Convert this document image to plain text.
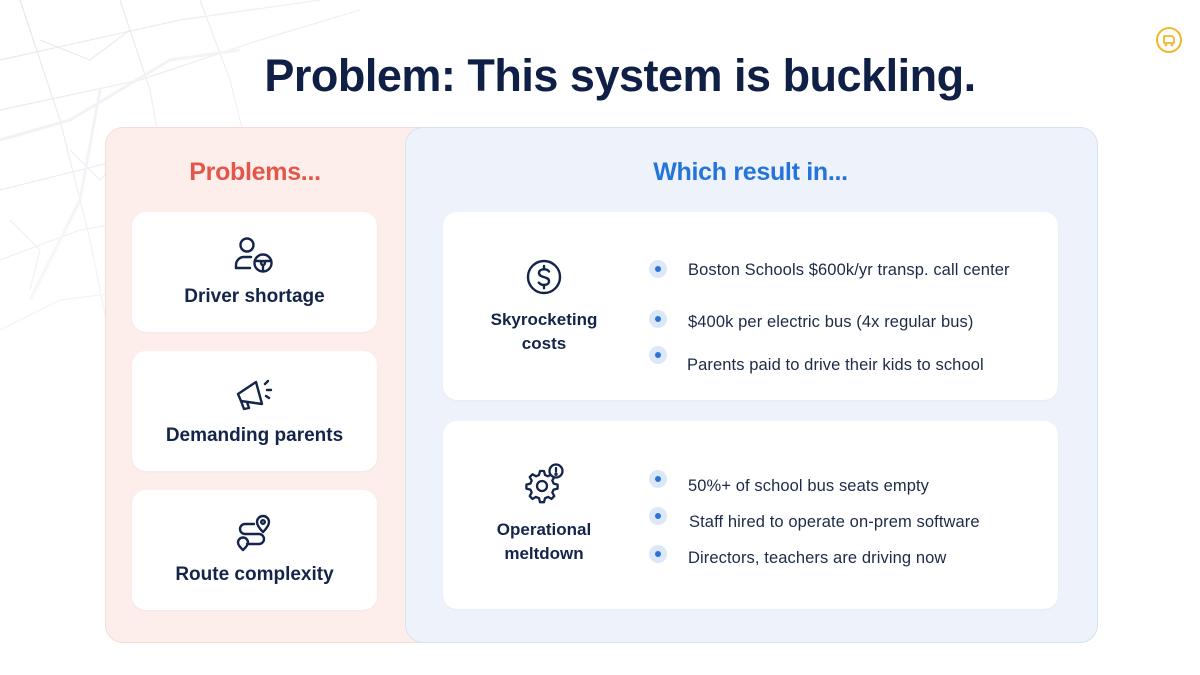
Problem: This system is buckling.
Problems...	Which result in...
Driver shortage
Demanding parents
Route complexity
Skyrocketing
costs
Boston Schools $600k/yr transp. call center
$400k per electric bus (4x regular bus)
Parents paid to drive their kids to school
Operational
meltdown
50%+ of school bus seats empty
Staff hired to operate on-prem software
Directors, teachers are driving now
